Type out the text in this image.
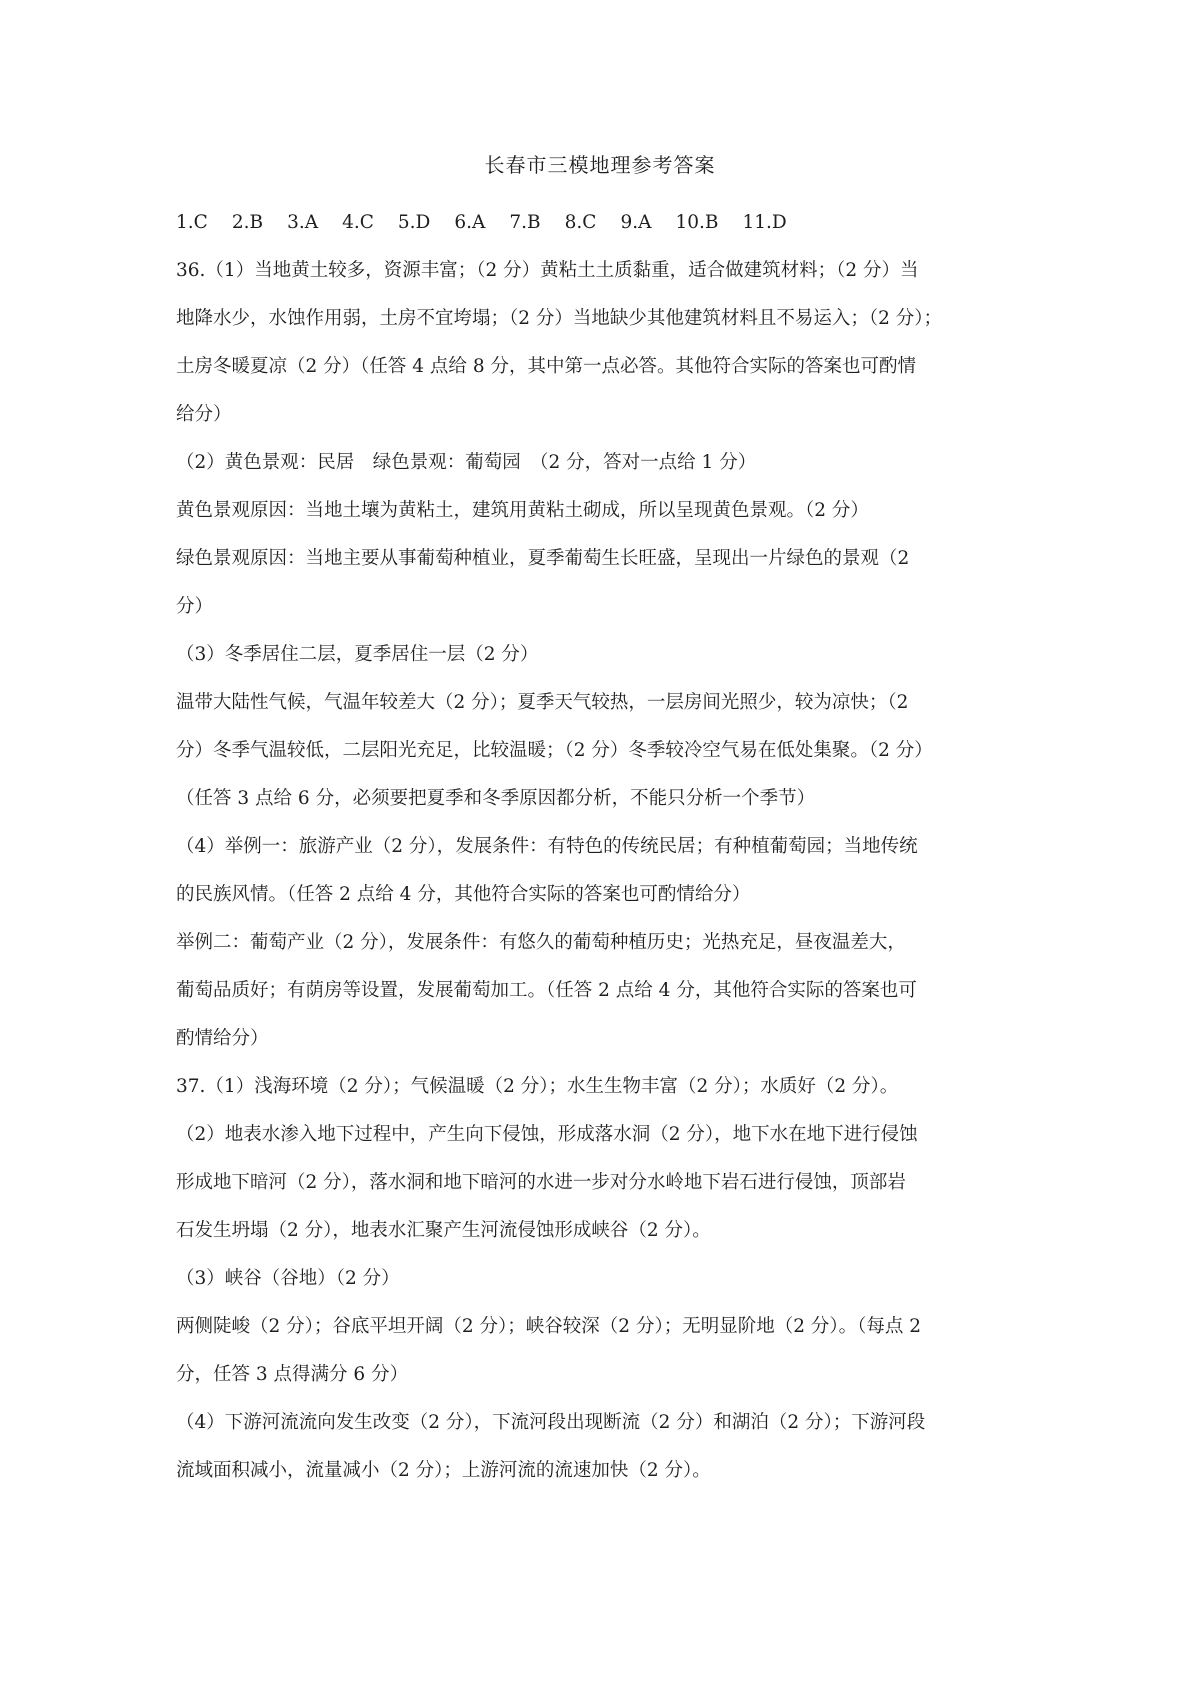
长春市三模地理参考答案
1.C 2.B 3.A 4.C 5.D 6.A 7.B 8.C 9.A 10.B 11.D
36.（1）当地黄土较多，资源丰富；（2 分）黄粘土土质黏重，适合做建筑材料；（2 分）当
地降水少，水蚀作用弱，土房不宜垮塌；（2 分）当地缺少其他建筑材料且不易运入；（2 分）；
土房冬暖夏凉（2 分）（任答 4 点给 8 分，其中第一点必答。其他符合实际的答案也可酌情
给分）
（2）黄色景观：民居　绿色景观：葡萄园　（2 分，答对一点给 1 分）
黄色景观原因：当地土壤为黄粘土，建筑用黄粘土砌成，所以呈现黄色景观。（2 分）
绿色景观原因：当地主要从事葡萄种植业，夏季葡萄生长旺盛，呈现出一片绿色的景观（2
分）
（3）冬季居住二层，夏季居住一层（2 分）
温带大陆性气候，气温年较差大（2 分）；夏季天气较热，一层房间光照少，较为凉快；（2
分）冬季气温较低，二层阳光充足，比较温暖；（2 分）冬季较冷空气易在低处集聚。（2 分）
（任答 3 点给 6 分，必须要把夏季和冬季原因都分析，不能只分析一个季节）
（4）举例一：旅游产业（2 分），发展条件：有特色的传统民居；有种植葡萄园；当地传统
的民族风情。（任答 2 点给 4 分，其他符合实际的答案也可酌情给分）
举例二：葡萄产业（2 分），发展条件：有悠久的葡萄种植历史；光热充足，昼夜温差大，
葡萄品质好；有荫房等设置，发展葡萄加工。（任答 2 点给 4 分，其他符合实际的答案也可
酌情给分）
37.（1）浅海环境（2 分）；气候温暖（2 分）；水生生物丰富（2 分）；水质好（2 分）。
（2）地表水渗入地下过程中，产生向下侵蚀，形成落水洞（2 分），地下水在地下进行侵蚀
形成地下暗河（2 分），落水洞和地下暗河的水进一步对分水岭地下岩石进行侵蚀，顶部岩
石发生坍塌（2 分），地表水汇聚产生河流侵蚀形成峡谷（2 分）。
（3）峡谷（谷地）（2 分）
两侧陡峻（2 分）；谷底平坦开阔（2 分）；峡谷较深（2 分）；无明显阶地（2 分）。（每点 2
分，任答 3 点得满分 6 分）
（4）下游河流流向发生改变（2 分），下流河段出现断流（2 分）和湖泊（2 分）；下游河段
流域面积减小，流量减小（2 分）；上游河流的流速加快（2 分）。
